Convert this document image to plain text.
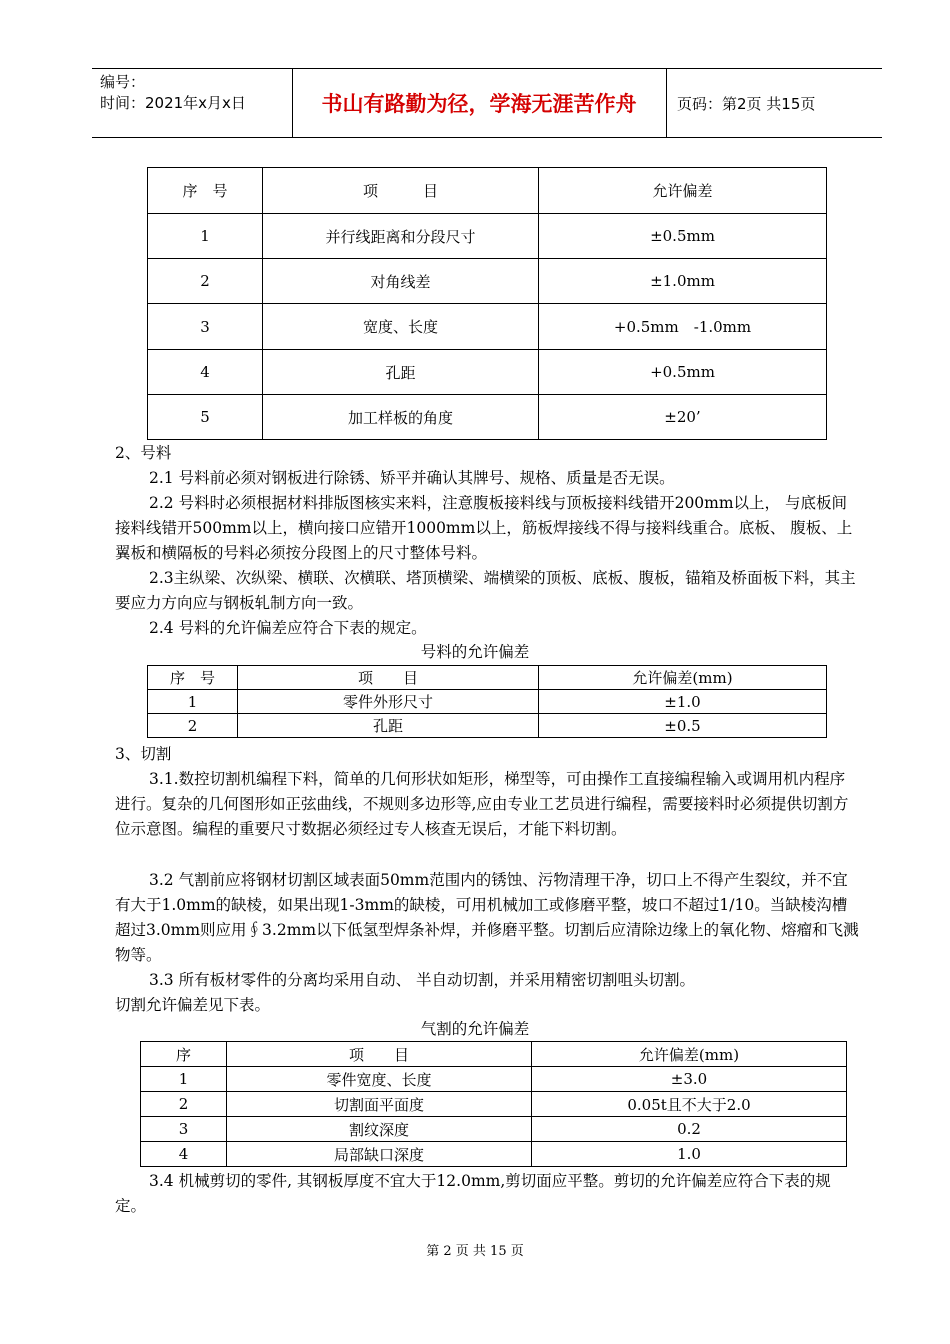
编号：
时间：2021年x月x日	书山有路勤为径，学海无涯苦作舟	页码：第2页 共15页
序　号	项　　　目	允许偏差
1	并行线距离和分段尺寸	±0.5mm
2	对角线差	±1.0mm
3	宽度、长度	+0.5mm　-1.0mm
4	孔距	+0.5mm
5	加工样板的角度	±20’

2、号料

2.1 号料前必须对钢板进行除锈、矫平并确认其牌号、规格、质量是否无误。

2.2 号料时必须根据材料排版图核实来料，注意腹板接料线与顶板接料线错开200mm以上， 与底板间接料线错开500mm以上，横向接口应错开1000mm以上，筋板焊接线不得与接料线重合。底板、 腹板、上翼板和横隔板的号料必须按分段图上的尺寸整体号料。

2.3主纵梁、次纵梁、横联、次横联、塔顶横梁、端横梁的顶板、底板、腹板，锚箱及桥面板下料，其主要应力方向应与钢板轧制方向一致。

2.4 号料的允许偏差应符合下表的规定。

号料的允许偏差
序　号	项　　目	允许偏差(mm)
1	零件外形尺寸	±1.0
2	孔距	±0.5

3、切割

3.1.数控切割机编程下料，简单的几何形状如矩形，梯型等，可由操作工直接编程输入或调用机内程序进行。复杂的几何图形如正弦曲线，不规则多边形等,应由专业工艺员进行编程，需要接料时必须提供切割方位示意图。编程的重要尺寸数据必须经过专人核查无误后，才能下料切割。

3.2 气割前应将钢材切割区域表面50mm范围内的锈蚀、污物清理干净，切口上不得产生裂纹，并不宜有大于1.0mm的缺棱，如果出现1-3mm的缺棱，可用机械加工或修磨平整，坡口不超过1/10。当缺棱沟槽超过3.0mm则应用∮3.2mm以下低氢型焊条补焊，并修磨平整。切割后应清除边缘上的氧化物、熔瘤和飞溅物等。

3.3 所有板材零件的分离均采用自动、 半自动切割，并采用精密切割咀头切割。

切割允许偏差见下表。

气割的允许偏差
序	项　　目	允许偏差(mm)
1	零件宽度、长度	±3.0
2	切割面平面度	0.05t且不大于2.0
3	割纹深度	0.2
4	局部缺口深度	1.0

3.4 机械剪切的零件, 其钢板厚度不宜大于12.0mm,剪切面应平整。剪切的允许偏差应符合下表的规定。

第 2 页 共 15 页
